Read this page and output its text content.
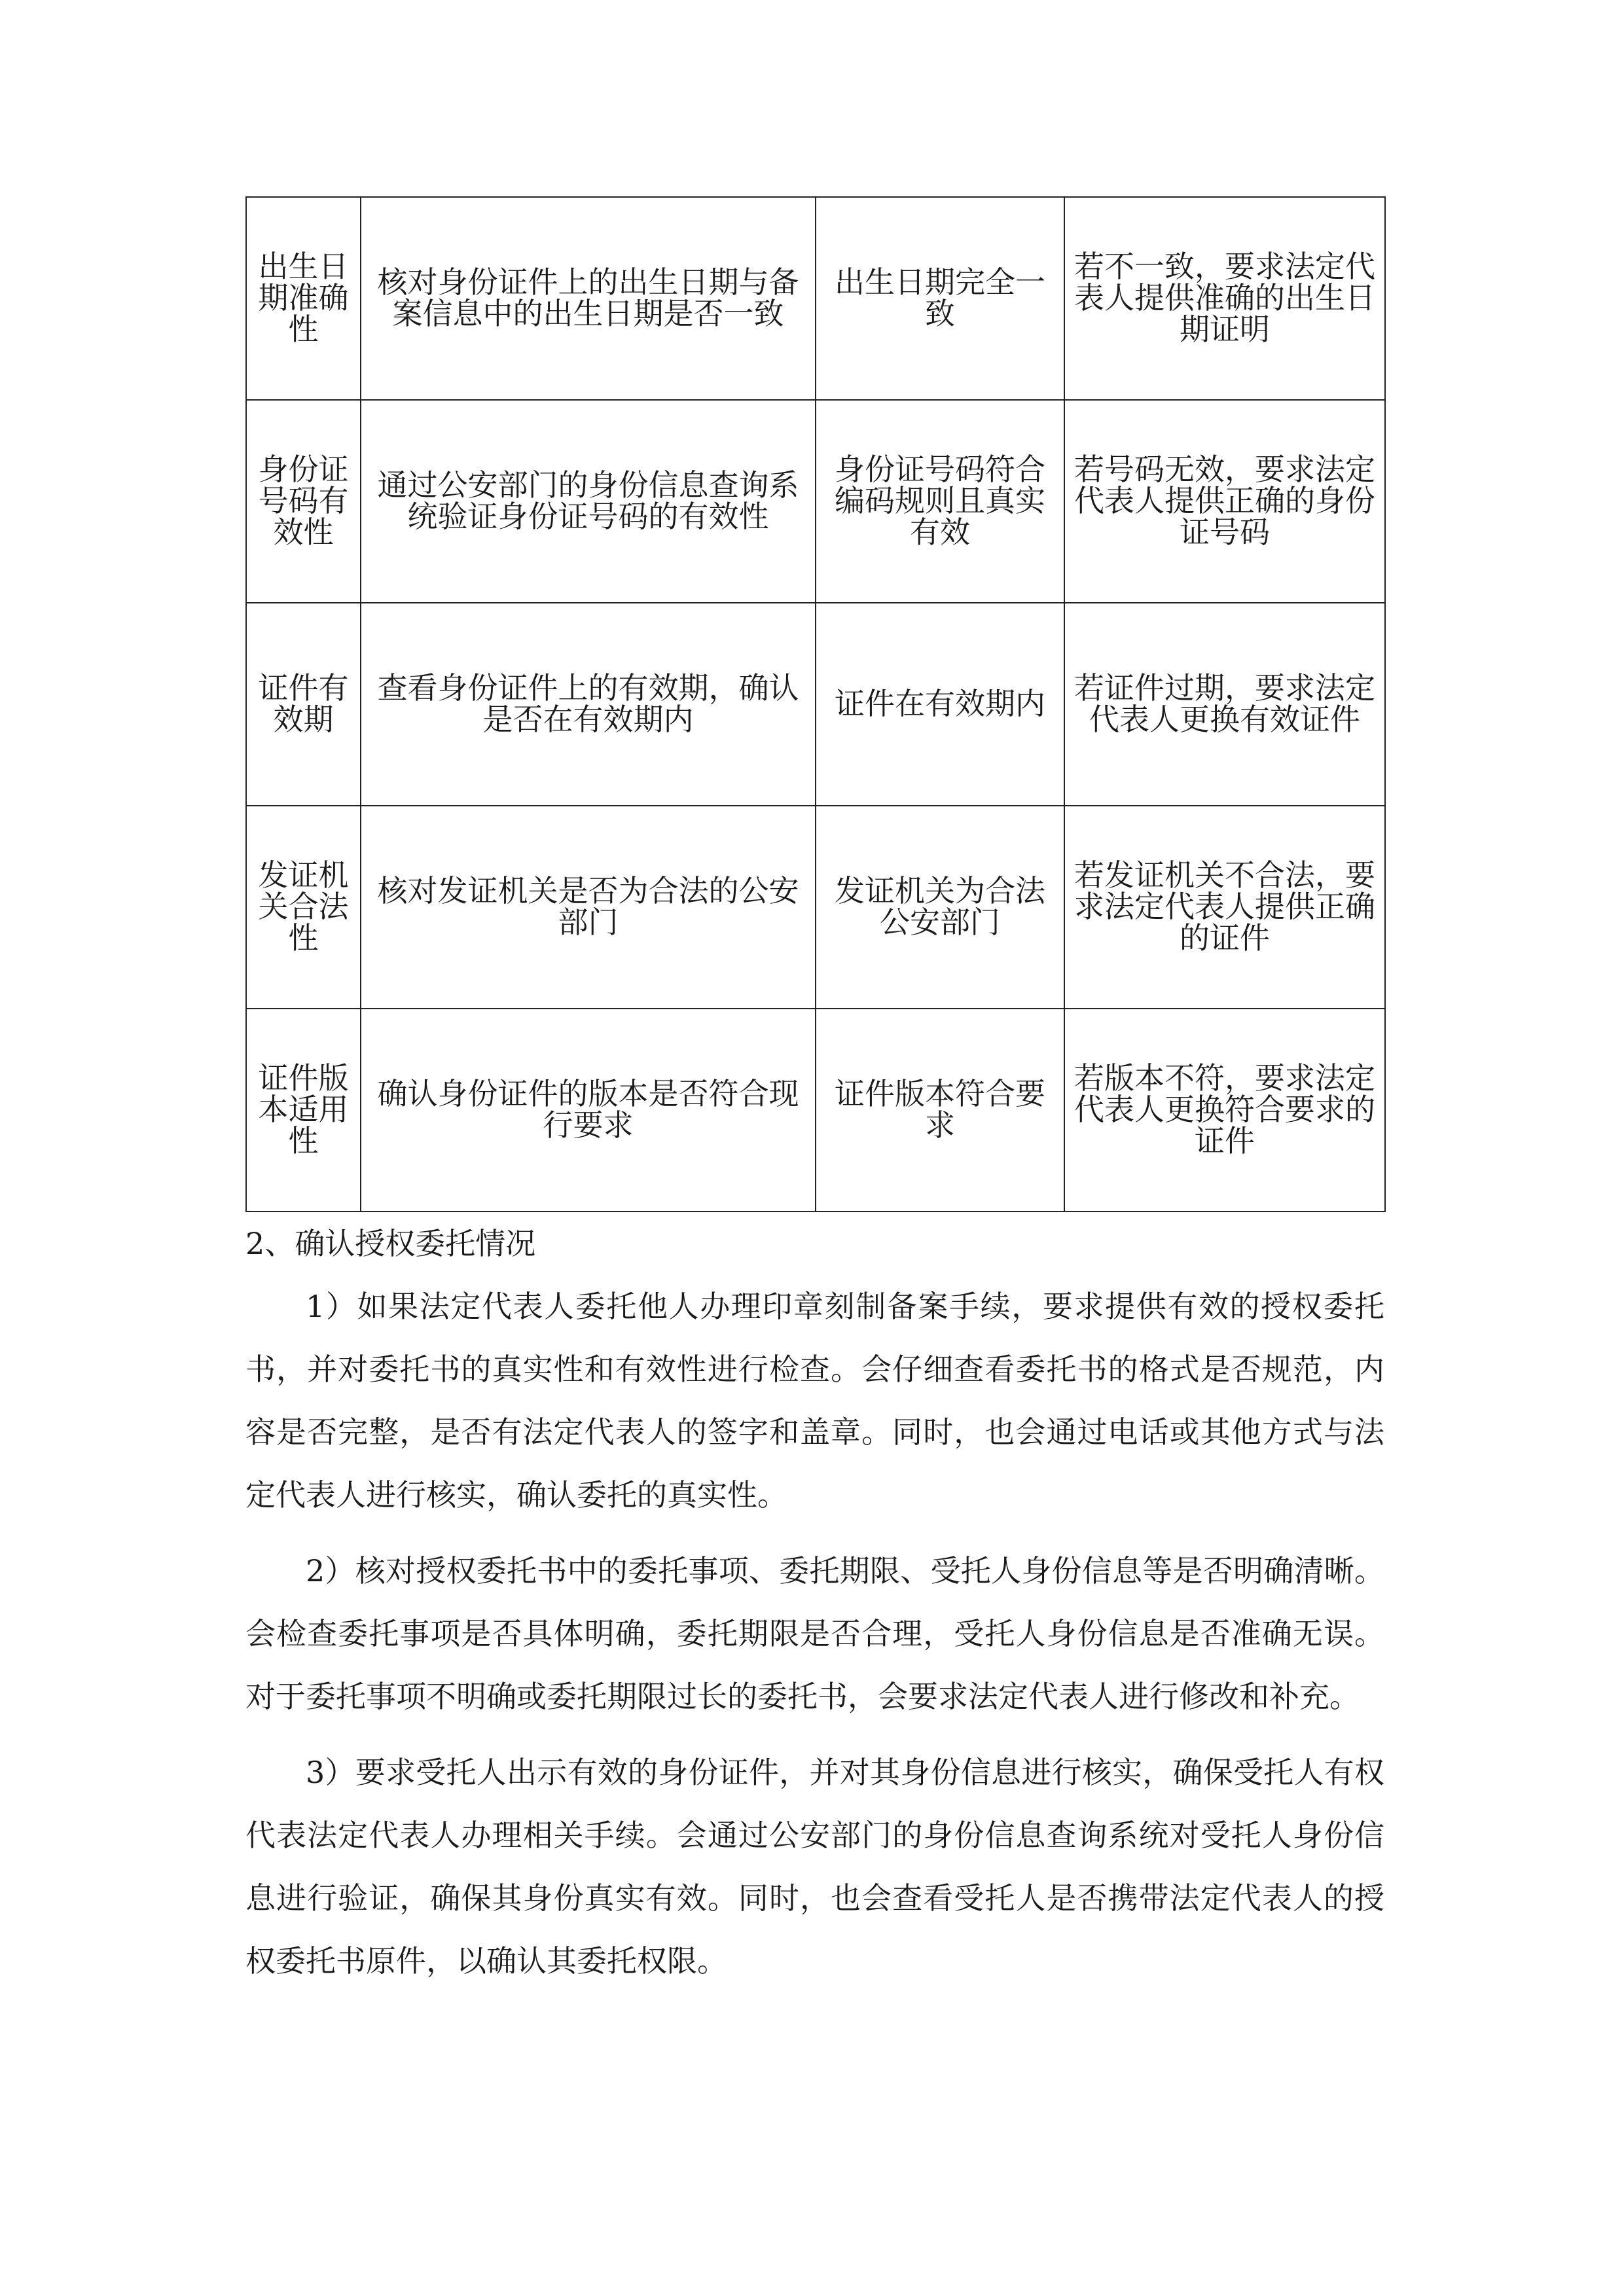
出生日期准确性	核对身份证件上的出生日期与备案信息中的出生日期是否一致	出生日期完全一致	若不一致，要求法定代表人提供准确的出生日期证明
身份证号码有效性	通过公安部门的身份信息查询系统验证身份证号码的有效性	身份证号码符合编码规则且真实有效	若号码无效，要求法定代表人提供正确的身份证号码
证件有效期	查看身份证件上的有效期，确认是否在有效期内	证件在有效期内	若证件过期，要求法定代表人更换有效证件
发证机关合法性	核对发证机关是否为合法的公安部门	发证机关为合法公安部门	若发证机关不合法，要求法定代表人提供正确的证件
证件版本适用性	确认身份证件的版本是否符合现行要求	证件版本符合要求	若版本不符，要求法定代表人更换符合要求的证件
2、确认授权委托情况

1）如果法定代表人委托他人办理印章刻制备案手续，要求提供有效的授权委托书，并对委托书的真实性和有效性进行检查。会仔细查看委托书的格式是否规范，内容是否完整，是否有法定代表人的签字和盖章。同时，也会通过电话或其他方式与法定代表人进行核实，确认委托的真实性。

2）核对授权委托书中的委托事项、委托期限、受托人身份信息等是否明确清晰。会检查委托事项是否具体明确，委托期限是否合理，受托人身份信息是否准确无误。对于委托事项不明确或委托期限过长的委托书，会要求法定代表人进行修改和补充。

3）要求受托人出示有效的身份证件，并对其身份信息进行核实，确保受托人有权代表法定代表人办理相关手续。会通过公安部门的身份信息查询系统对受托人身份信息进行验证，确保其身份真实有效。同时，也会查看受托人是否携带法定代表人的授权委托书原件，以确认其委托权限。
